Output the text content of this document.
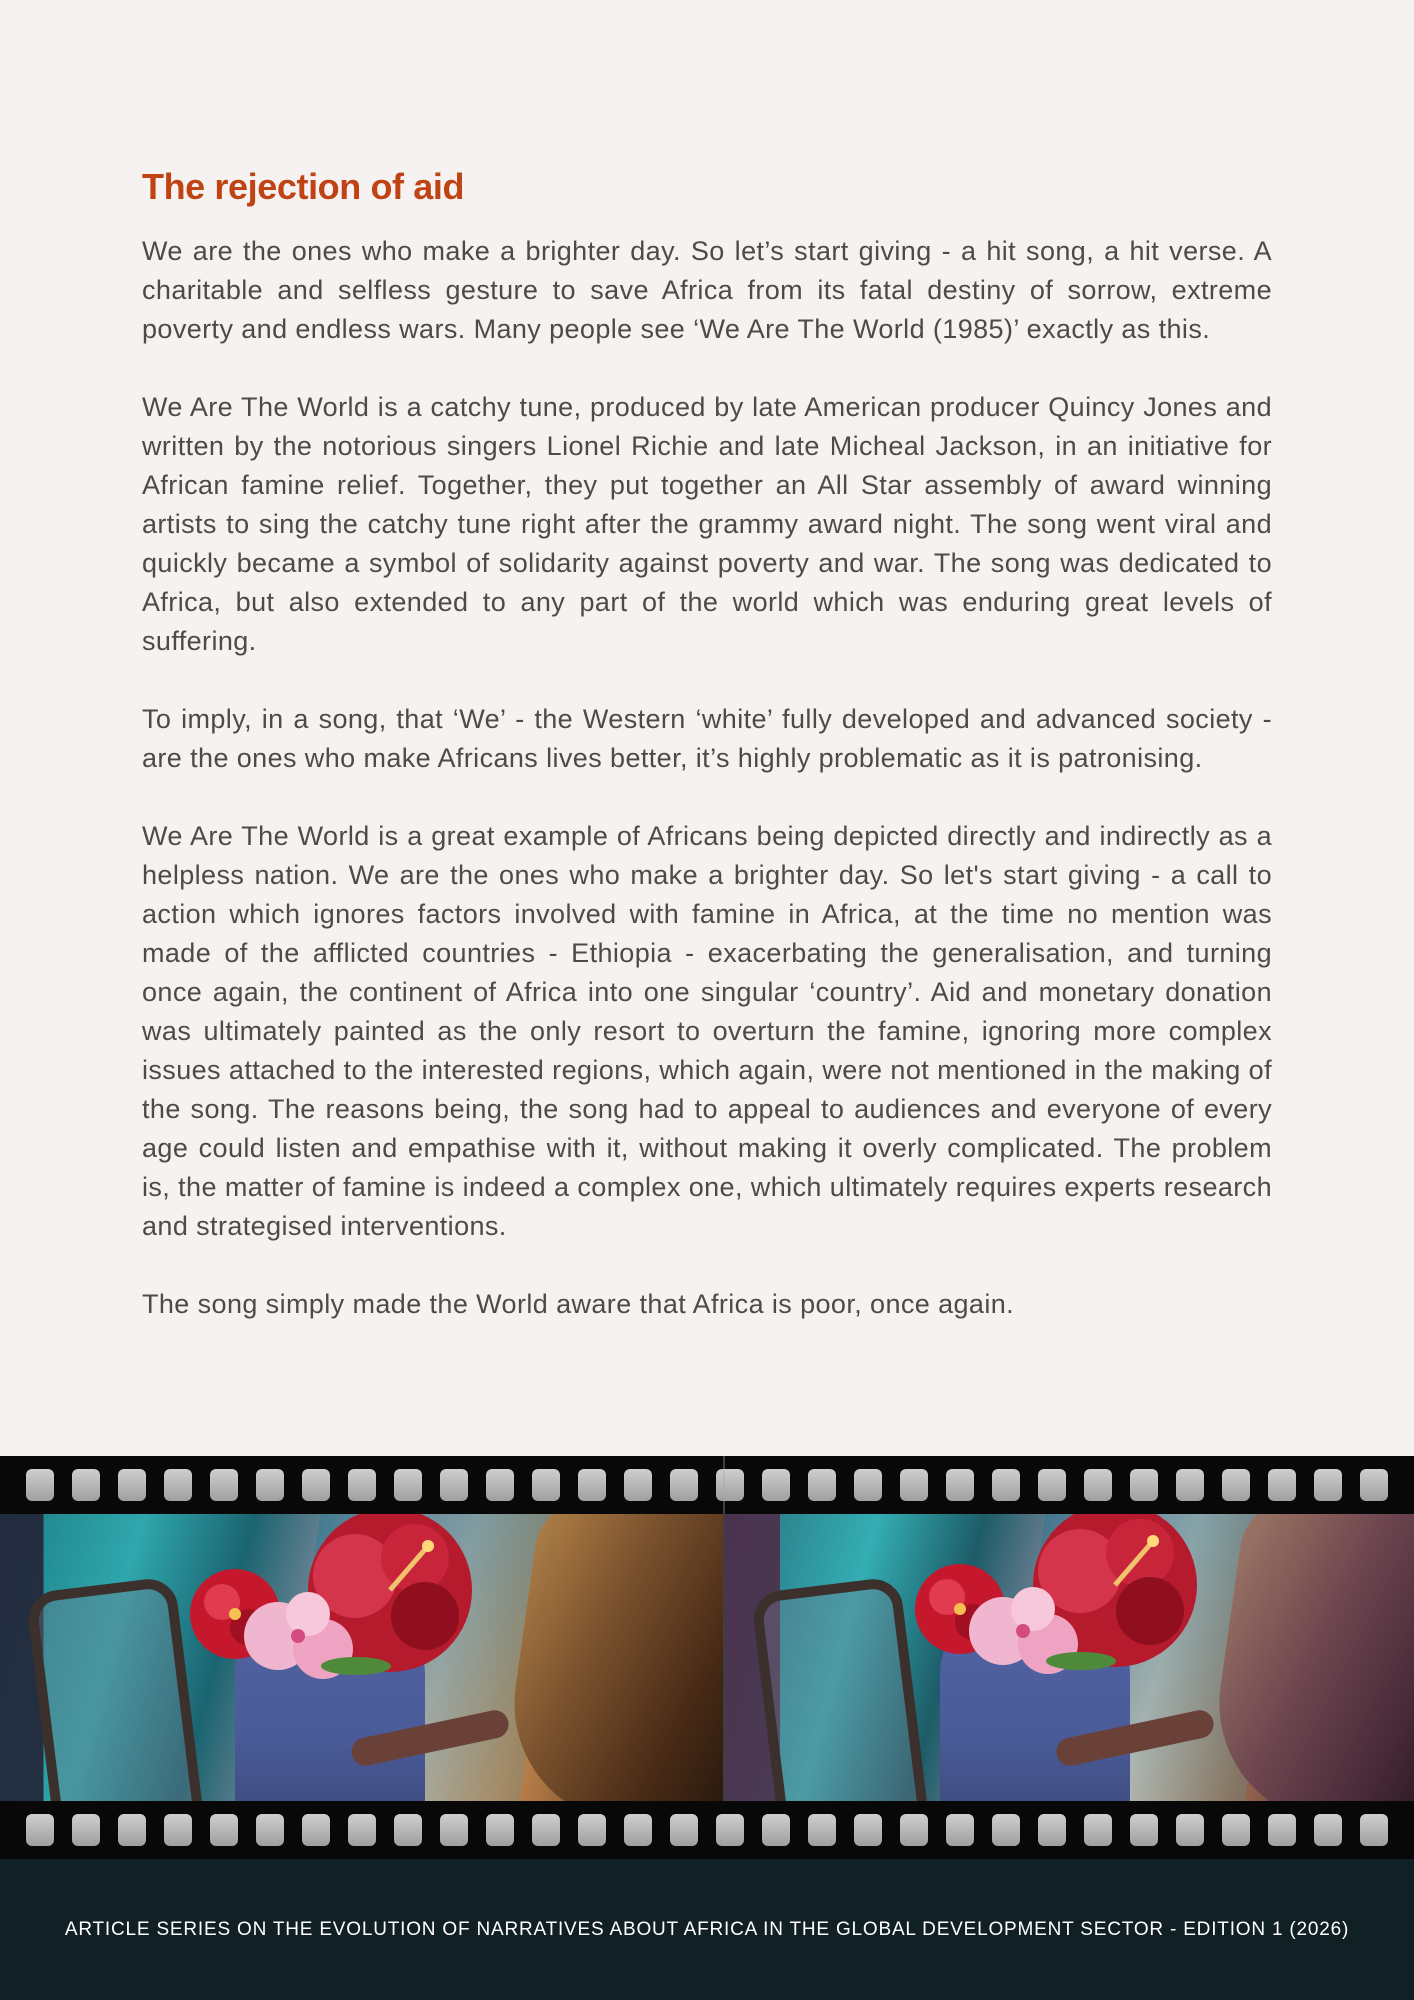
The rejection of aid

We are the ones who make a brighter day. So let’s start giving - a hit song, a hit verse. A charitable and selfless gesture to save Africa from its fatal destiny of sorrow, extreme poverty and endless wars. Many people see ‘We Are The World (1985)’ exactly as this.

We Are The World is a catchy tune, produced by late American producer Quincy Jones and written by the notorious singers Lionel Richie and late Micheal Jackson, in an initiative for African famine relief. Together, they put together an All Star assembly of award winning artists to sing the catchy tune right after the grammy award night. The song went viral and quickly became a symbol of solidarity against poverty and war. The song was dedicated to Africa, but also extended to any part of the world which was enduring great levels of suffering.

To imply, in a song, that ‘We’ - the Western ‘white’ fully developed and advanced society - are the ones who make Africans lives better, it’s highly problematic as it is patronising.

We Are The World is a great example of Africans being depicted directly and indirectly as a helpless nation. We are the ones who make a brighter day. So let's start giving - a call to action which ignores factors involved with famine in Africa, at the time no mention was made of the afflicted countries - Ethiopia - exacerbating the generalisation, and turning once again, the continent of Africa into one singular ‘country’. Aid and monetary donation was ultimately painted as the only resort to overturn the famine, ignoring more complex issues attached to the interested regions, which again, were not mentioned in the making of the song. The reasons being, the song had to appeal to audiences and everyone of every age could listen and empathise with it, without making it overly complicated. The problem is, the matter of famine is indeed a complex one, which ultimately requires experts research and strategised interventions.

The song simply made the World aware that Africa is poor, once again.

ARTICLE SERIES ON THE EVOLUTION OF NARRATIVES ABOUT AFRICA IN THE GLOBAL DEVELOPMENT SECTOR - EDITION 1 (2026)
